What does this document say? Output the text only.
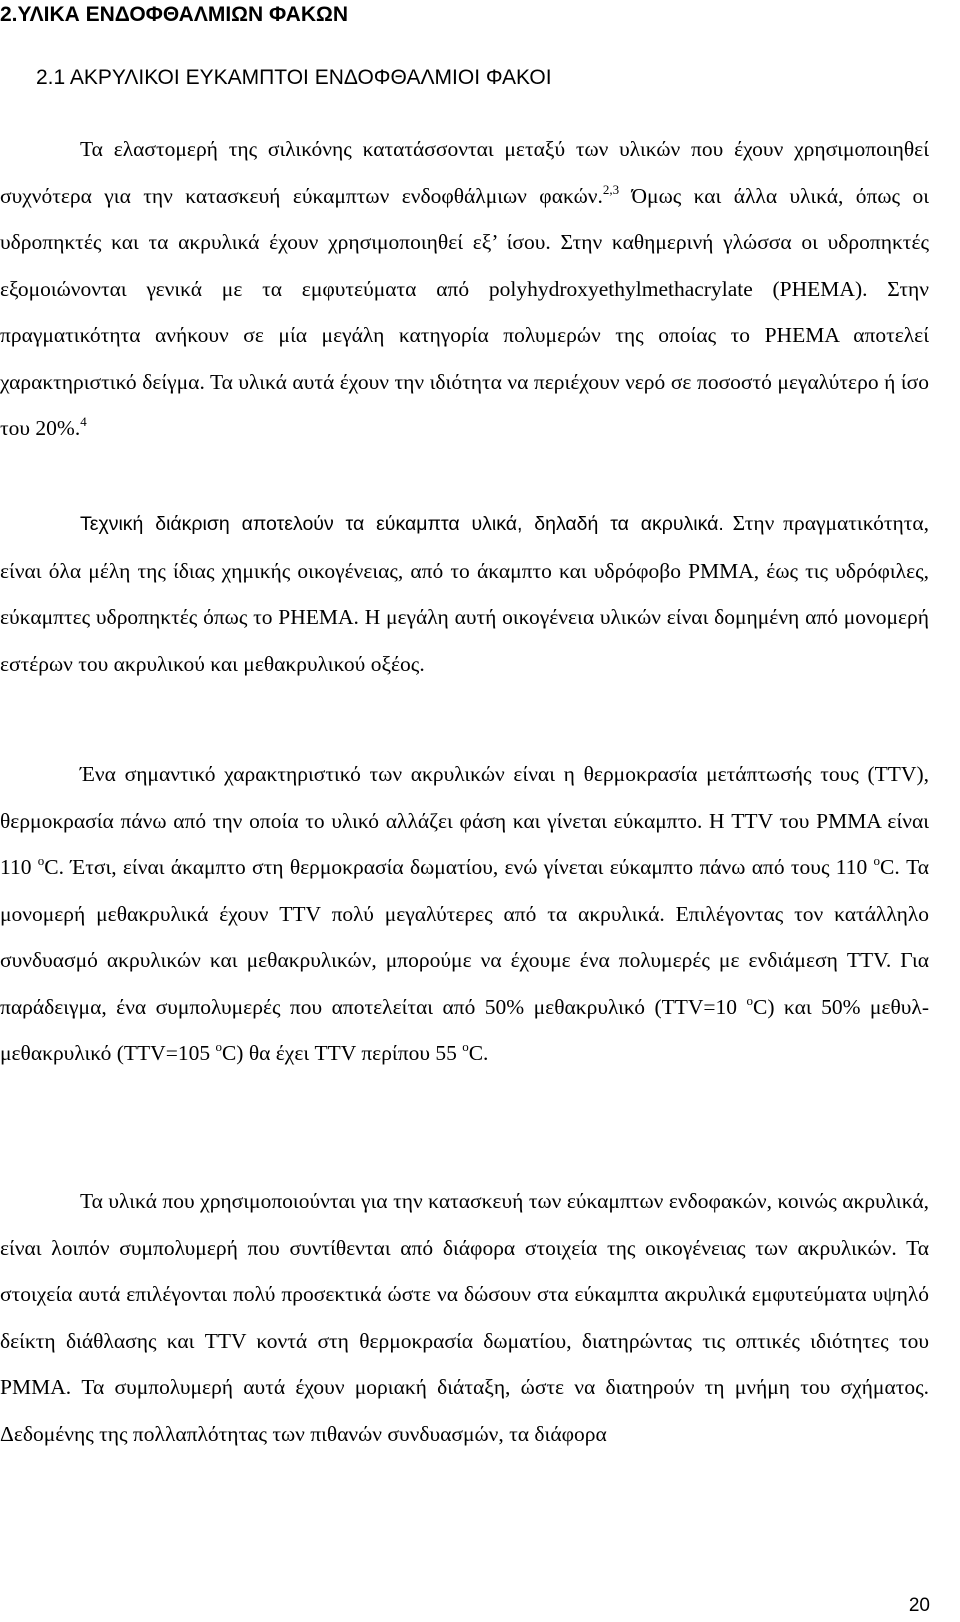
2.ΥΛΙΚΑ ΕΝΔΟΦΘΑΛΜΙΩΝ ΦΑΚΩΝ
2.1 ΑΚΡΥΛΙΚΟΙ ΕΥΚΑΜΠΤΟΙ ΕΝΔΟΦΘΑΛΜΙΟΙ ΦΑΚΟΙ

Τα ελαστομερή της σιλικόνης κατατάσσονται μεταξύ των υλικών που έχουν χρησιμοποιηθεί συχνότερα για την κατασκευή εύκαμπτων ενδοφθάλμιων φακών.$^{2,3}$ Όμως και άλλα υλικά, όπως οι υδροπηκτές και τα ακρυλικά έχουν χρησιμοποιηθεί εξ’ ίσου. Στην καθημερινή γλώσσα οι υδροπηκτές εξομοιώνονται γενικά με τα εμφυτεύματα από polyhydroxyethylmethacrylate (PHEMA). Στην πραγματικότητα ανήκουν σε μία μεγάλη κατηγορία πολυμερών της οποίας το PHEMA αποτελεί χαρακτηριστικό δείγμα. Τα υλικά αυτά έχουν την ιδιότητα να περιέχουν νερό σε ποσοστό μεγαλύτερο ή ίσο του 20%.$^4$

Τεχνική διάκριση αποτελούν τα εύκαμπτα υλικά, δηλαδή τα ακρυλικά. Στην πραγματικότητα, είναι όλα μέλη της ίδιας χημικής οικογένειας, από το άκαμπτο και υδρόφοβο PMMA, έως τις υδρόφιλες, εύκαμπτες υδροπηκτές όπως το PHEMA. Η μεγάλη αυτή οικογένεια υλικών είναι δομημένη από μονομερή εστέρων του ακρυλικού και μεθακρυλικού οξέος.

Ένα σημαντικό χαρακτηριστικό των ακρυλικών είναι η θερμοκρασία μετάπτωσής τους (TTV), θερμοκρασία πάνω από την οποία το υλικό αλλάζει φάση και γίνεται εύκαμπτο. Η TTV του PMMA είναι 110 $^o$C. Έτσι, είναι άκαμπτο στη θερμοκρασία δωματίου, ενώ γίνεται εύκαμπτο πάνω από τους 110 $^o$C. Τα μονομερή μεθακρυλικά έχουν TTV πολύ μεγαλύτερες από τα ακρυλικά. Επιλέγοντας τον κατάλληλο συνδυασμό ακρυλικών και μεθακρυλικών, μπορούμε να έχουμε ένα πολυμερές με ενδιάμεση TTV. Για παράδειγμα, ένα συμπολυμερές που αποτελείται από 50% μεθακρυλικό (TTV=10 $^o$C) και 50% μεθυλ-μεθακρυλικό (TTV=105 $^o$C) θα έχει TTV περίπου 55 $^o$C.

Τα υλικά που χρησιμοποιούνται για την κατασκευή των εύκαμπτων ενδοφακών, κοινώς ακρυλικά, είναι λοιπόν συμπολυμερή που συντίθενται από διάφορα στοιχεία της οικογένειας των ακρυλικών. Τα στοιχεία αυτά επιλέγονται πολύ προσεκτικά ώστε να δώσουν στα εύκαμπτα ακρυλικά εμφυτεύματα υψηλό δείκτη διάθλασης και TTV κοντά στη θερμοκρασία δωματίου, διατηρώντας τις οπτικές ιδιότητες του PMMA. Τα συμπολυμερή αυτά έχουν μοριακή διάταξη, ώστε να διατηρούν τη μνήμη του σχήματος. Δεδομένης της πολλαπλότητας των πιθανών συνδυασμών, τα διάφορα

20
